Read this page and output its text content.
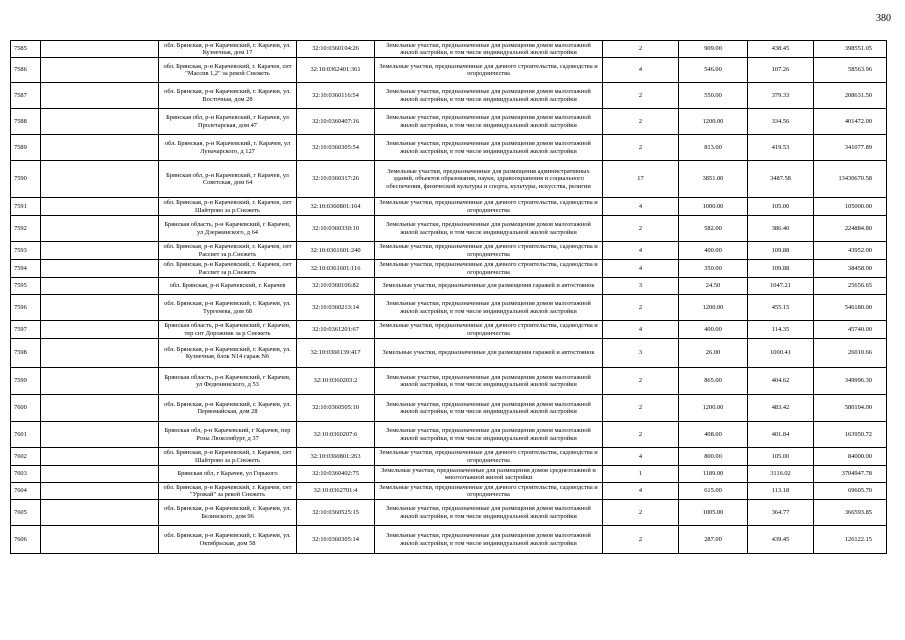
380
7585		обл. Брянская, р-н Карачевский, г. Карачев, ул. Кузнечная, дом 17	32:10:0360104:26	Земельные участки, предназначенные для размещения домов малоэтажной жилой застройки, в том числе индивидуальной жилой застройки	2	909.00	438.45	398551.05
7586		обл. Брянская, р-н Карачевский, г. Карачев, снт "Массив 1,2" за рекой Снежеть	32:10:0362401:361	Земельные участки, предназначенные для дачного строительства, садоводства и огородничества	4	546.00	107.26	58563.96
7587		обл. Брянская, р-н Карачевский, г. Карачев, ул. Восточная, дом 28	32:10:0360116:54	Земельные участки, предназначенные для размещения домов малоэтажной жилой застройки, в том числе индивидуальной жилой застройки	2	550.00	379.33	208631.50
7588		Брянская обл, р-н Карачевский, г Карачев, ул Пролетарская, дом 47	32:10:0360407:16	Земельные участки, предназначенные для размещения домов малоэтажной жилой застройки, в том числе индивидуальной жилой застройки	2	1200.00	334.56	401472.00
7589		обл. Брянская, р-н Карачевский, г. Карачев, ул Луначарского, д 127	32:10:0360305:54	Земельные участки, предназначенные для размещения домов малоэтажной жилой застройки, в том числе индивидуальной жилой застройки	2	813.00	419.53	341077.89
7590		Брянская обл, р-н Карачевский, г Карачев, ул Советская, дом 64	32:10:0360317:26	Земельные участки, предназначенные для размещения административных зданий, объектов образования, науки, здравоохранения и социального обеспечения, физической культуры и спорта, культуры, искусства, религии	17	3851.00	3487.58	13430670.58
7591		обл. Брянская, р-н Карачевский, г. Карачев, снт Шайтрово за р.Снежеть	32:10:0360801:164	Земельные участки, предназначенные для дачного строительства, садоводства и огородничества	4	1000.00	105.00	105000.00
7592		Брянская область, р-н Карачевский, г Карачев, ул Дзержинского, д 64	32:10:0360330:10	Земельные участки, предназначенные для размещения домов малоэтажной жилой застройки, в том числе индивидуальной жилой застройки	2	582.00	386.40	224884.80
7593		обл. Брянская, р-н Карачевский, г. Карачев, снт Рассвет за р.Снежеть	32:10:0361601:240	Земельные участки, предназначенные для дачного строительства, садоводства и огородничества	4	400.00	109.88	43952.00
7594		обл. Брянская, р-н Карачевский, г. Карачев, снт Рассвет за р.Снежеть	32:10:0361601:116	Земельные участки, предназначенные для дачного строительства, садоводства и огородничества	4	350.00	109.88	38458.00
7595		обл. Брянская, р-н Карачевский, г. Карачев	32:10:0360106:82	Земельные участки, предназначенные для размещения гаражей и автостоянок	3	24.50	1047.21	25656.65
7596		обл. Брянская, р-н Карачевский, г. Карачев, ул. Тургенева, дом 68	32:10:0360213:14	Земельные участки, предназначенные для размещения домов малоэтажной жилой застройки, в том числе индивидуальной жилой застройки	2	1200.00	455.15	546180.00
7597		Брянская область, р-н Карачевский, г Карачев, тер снт Дорожник за р Снежеть	32:10:0361201:67	Земельные участки, предназначенные для дачного строительства, садоводства и огородничества	4	400.00	114.35	45740.00
7598		обл. Брянская, р-н Карачевский, г. Карачев, ул. Кузнечная, блок N14 гараж N6	32:10:0360139:417	Земельные участки, предназначенные для размещения гаражей и автостоянок	3	26.00	1000.41	26010.66
7599		Брянская область, р-н Карачевский, г Карачев, ул Федюнинского, д 53	32:10:0360203:2	Земельные участки, предназначенные для размещения домов малоэтажной жилой застройки, в том числе индивидуальной жилой застройки	2	865.00	404.62	349996.30
7600		обл. Брянская, р-н Карачевский, г. Карачев, ул. Первомайская, дом 28	32:10:0360505:10	Земельные участки, предназначенные для размещения домов малоэтажной жилой застройки, в том числе индивидуальной жилой застройки	2	1200.00	483.42	580104.00
7601		Брянская обл, р-н Карачевский, г Карачев, пер Розы Люксембург, д 37	32:10:0360207:6	Земельные участки, предназначенные для размещения домов малоэтажной жилой застройки, в том числе индивидуальной жилой застройки	2	408.00	401.84	163950.72
7602		обл. Брянская, р-н Карачевский, г. Карачев, снт Шайтрово за р.Снежеть	32:10:0360801:263	Земельные участки, предназначенные для дачного строительства, садоводства и огородничества	4	800.00	105.00	84000.00
7603		Брянская обл, г Карачев, ул Горького	32:10:0360402:75	Земельные участки, предназначенные для размещения домов среднеэтажной и многоэтажной жилой застройки	1	1189.00	3116.02	3704947.78
7604		обл. Брянская, р-н Карачевский, г. Карачев, снт "Урожай" за рекой Снежеть	32:10:0362701:4	Земельные участки, предназначенные для дачного строительства, садоводства и огородничества	4	615.00	113.18	69605.70
7605		обл. Брянская, р-н Карачевский, г. Карачев, ул. Белинского, дом 96	32:10:0360525:15	Земельные участки, предназначенные для размещения домов малоэтажной жилой застройки, в том числе индивидуальной жилой застройки	2	1005.00	364.77	366593.85
7606		обл. Брянская, р-н Карачевский, г. Карачев, ул. Октябрьская, дом 58	32:10:0360305:14	Земельные участки, предназначенные для размещения домов малоэтажной жилой застройки, в том числе индивидуальной жилой застройки	2	287.00	439.45	126122.15
